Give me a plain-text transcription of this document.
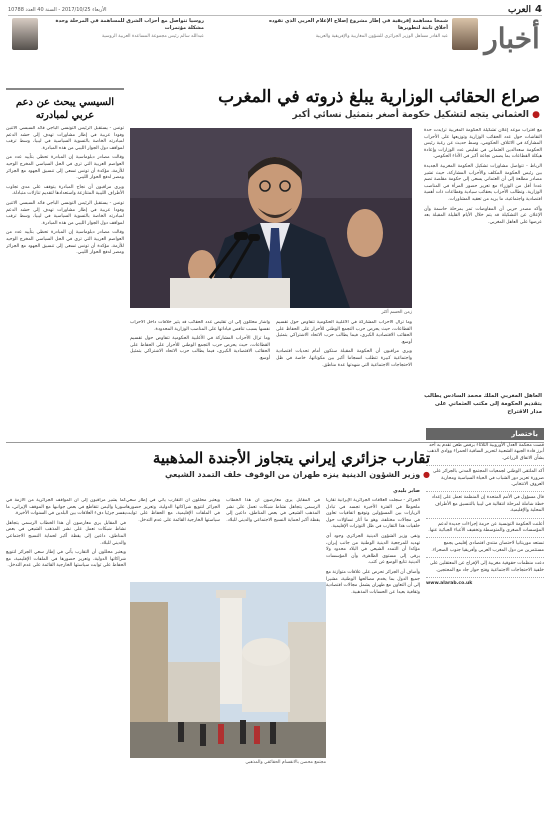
4
العرب
الأربعاء 2017/10/25 - السنة 40 العدد 10788
أخبار
شمخا مساهمة إفريقية في إطار مشروع إصلاح الإعلام العربي الذي تقوده أخلاق ثابتة لتطويرها
عبد القادر مساهل الوزير الجزائري للشؤون المغاربية والإفريقية والعربية
روسيا تتواصل مع أحزاب الشرق للمساهمة في المرحلة وحدة مشكلة مؤتمرات
عبدالله سالم رئيس مجموعة المساعدة العربية الروسية
صراع الحقائب الوزارية يبلغ ذروته في المغرب
● العثماني يتجه لتشكيل حكومة أصغر بتمثيل نسائي أكبر
زمن الحسم أكثر

مع اقتراب موعد إعلان تشكيلة الحكومة المغربية تزايدت حدة النقاشات حول عدد الحقائب الوزارية وتوزيعها على الأحزاب المشاركة في الائتلاف الحكومي، وسط حديث عن رغبة رئيس الحكومة سعدالدين العثماني في تقليص عدد الوزارات وإعادة هيكلة القطاعات بما يضمن نجاعة أكبر في الأداء الحكومي.

الرباط - تتواصل مشاورات تشكيل الحكومة المغربية الجديدة بين رئيس الحكومة المكلف والأحزاب المشاركة، حيث تشير مصادر مطلعة إلى أن العثماني يسعى إلى حكومة مقلصة تضم عددا أقل من الوزراء مع تعزيز حضور المرأة في المناصب الوزارية. وتطالب الأحزاب بحقائب سيادية وقطاعات ذات أهمية اقتصادية واجتماعية، ما يزيد من تعقيد المشاورات.

وأكد مصدر حزبي أن المفاوضات تمر بمرحلة حاسمة وأن الإعلان عن التشكيلة قد يتم خلال الأيام القليلة المقبلة بعد عرضها على العاهل المغربي.

وما تزال الأحزاب المشاركة في الأغلبية الحكومية تتفاوض حول تقسيم القطاعات، حيث يحرص حزب التجمع الوطني للأحرار على الحفاظ على الحقائب الاقتصادية الكبرى، فيما يطالب حزب الاتحاد الاشتراكي بتمثيل أوسع.

ويرى مراقبون أن الحكومة المقبلة ستكون أمام تحديات اقتصادية واجتماعية كبيرة تتطلب انسجاما أكبر بين مكوناتها، خاصة في ظل الاحتجاجات الاجتماعية التي شهدتها عدة مناطق.

وأشار محللون إلى أن تقليص عدد الحقائب قد يثير خلافات داخل الأحزاب نفسها بسبب تنافس قياداتها على المناصب الوزارية المحدودة.

وما تزال الأحزاب المشاركة في الأغلبية الحكومية تتفاوض حول تقسيم القطاعات، حيث يحرص حزب التجمع الوطني للأحرار على الحفاظ على الحقائب الاقتصادية الكبرى، فيما يطالب حزب الاتحاد الاشتراكي بتمثيل أوسع.

العاهل المغربي الملك محمد السادس يطالب بتقديم الحكومة إلى مكتب العثماني على مدار الاقتراح
السيسي يبحث عن دعم عربي لمبادرته

تونس - يستقبل الرئيس التونسي الباجي قائد السبسي الاثنين وفودا عربية في إطار مشاورات تهدف إلى حشد الدعم لمبادرته الخاصة بالتسوية السياسية في ليبيا، وسط ترقب لمواقف دول الجوار الليبي من هذه المبادرة.

وقالت مصادر دبلوماسية إن المبادرة تحظى بتأييد عدد من العواصم العربية التي ترى في الحل السياسي المخرج الوحيد للأزمة، مؤكدة أن تونس تسعى إلى تنسيق الجهود مع الجزائر ومصر لدفع الحوار الليبي.

ويرى مراقبون أن نجاح المبادرة يتوقف على مدى تجاوب الأطراف الليبية المتنازعة واستعدادها لتقديم تنازلات متبادلة.

تونس - يستقبل الرئيس التونسي الباجي قائد السبسي الاثنين وفودا عربية في إطار مشاورات تهدف إلى حشد الدعم لمبادرته الخاصة بالتسوية السياسية في ليبيا، وسط ترقب لمواقف دول الجوار الليبي من هذه المبادرة.

وقالت مصادر دبلوماسية إن المبادرة تحظى بتأييد عدد من العواصم العربية التي ترى في الحل السياسي المخرج الوحيد للأزمة، مؤكدة أن تونس تسعى إلى تنسيق الجهود مع الجزائر ومصر لدفع الحوار الليبي.

تقارب جزائري إيراني يتجاوز الأجندة المذهبية
● وزير الشؤون الدينية ينزه طهران من الوقوف خلف التمدد الشيعي
صابر بليدي

الجزائر - سجلت العلاقات الجزائرية الإيرانية تقاربا ملحوظا في الفترة الأخيرة تجسد في تبادل الزيارات بين المسؤولين وتوقيع اتفاقيات تعاون في مجالات مختلفة، وهو ما أثار تساؤلات حول خلفيات هذا التقارب في ظل التوترات الإقليمية.

ونفى وزير الشؤون الدينية الجزائري وجود أي تهديد للمرجعية الدينية الوطنية من جانب إيران، مؤكدا أن التمدد الشيعي في البلاد محدود ولا يرقى إلى مستوى الظاهرة، وأن المؤسسات الدينية تتابع الوضع عن كثب.

وأضاف أن الجزائر تحرص على علاقات متوازنة مع جميع الدول بما يخدم مصالحها الوطنية، مشيرا إلى أن التعاون مع طهران يشمل مجالات اقتصادية وثقافية بعيدا عن الحسابات المذهبية.

في المقابل يرى معارضون أن هذا الخطاب الرسمي يتجاهل نشاط شبكات تعمل على نشر المذهب الشيعي في بعض المناطق، داعين إلى يقظة أكبر لحماية النسيج الاجتماعي والديني للبلاد.

ويعتبر محللون أن التقارب يأتي في إطار سعي الجزائر لتنويع شراكاتها الدولية، وتعزيز حضورها في الملفات الإقليمية، مع الحفاظ على ثوابت سياستها الخارجية القائمة على عدم التدخل.

كما يشير مراقبون إلى أن المواقف الجزائرية من الأزمة في سوريا واليمن تتقاطع في بعض جوانبها مع الموقف الإيراني، ما يفسر جزئيا دفء العلاقات بين البلدين في السنوات الأخيرة.

في المقابل يرى معارضون أن هذا الخطاب الرسمي يتجاهل نشاط شبكات تعمل على نشر المذهب الشيعي في بعض المناطق، داعين إلى يقظة أكبر لحماية النسيج الاجتماعي والديني للبلاد.

ويعتبر محللون أن التقارب يأتي في إطار سعي الجزائر لتنويع شراكاتها الدولية، وتعزيز حضورها في الملفات الإقليمية، مع الحفاظ على ثوابت سياستها الخارجية القائمة على عدم التدخل.

مجتمع محصن بالانقسام الحقائقي والمذهبي
باختصار
قضت محكمة العدل الأوروبية الثلاثاء برفض طعن تقدم به أحد أبرز قادة الجبهة الشعبية لتحرير الساقية الحمراء ووادي الذهب بشأن الاتفاق الزراعي.
أكد الملتقى الوطني لجمعيات المجتمع المدني بالجزائر على ضرورة تعزيز دور الشباب في الحياة السياسية ومحاربة العزوف الانتخابي.
قال مسؤول في الأمم المتحدة إن المنظمة تعمل على إعداد خطة شاملة لمرحلة انتقالية في ليبيا بالتنسيق مع الأطراف المحلية والإقليمية.
أعلنت الحكومة التونسية عن حزمة إجراءات جديدة لدعم المؤسسات الصغرى والمتوسطة وتخفيف الأعباء الجبائية عنها.
تستعد موريتانيا لاحتضان منتدى اقتصادي إقليمي يجمع مستثمرين من دول المغرب العربي وأفريقيا جنوب الصحراء.
دعت منظمات حقوقية مغربية إلى الإفراج عن المعتقلين على خلفية الاحتجاجات الاجتماعية وفتح حوار جاد مع المحتجين.
www.alarab.co.uk
